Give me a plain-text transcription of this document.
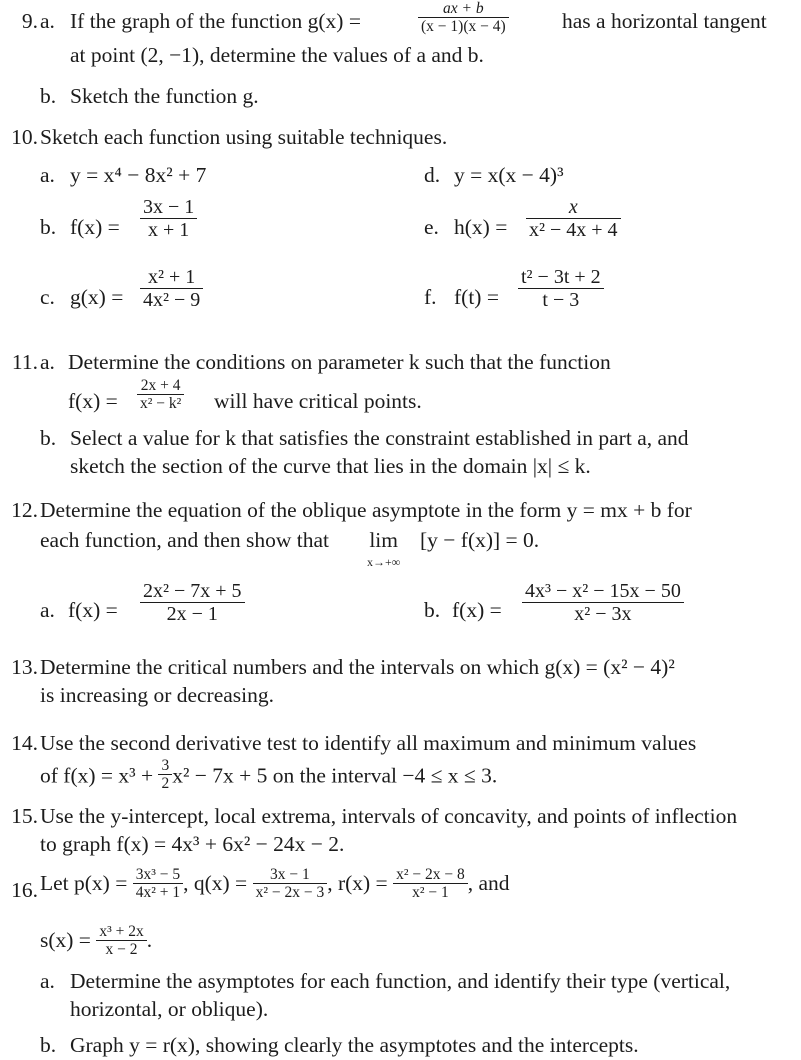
9. a. If the graph of the function g(x) =	$\frac{ax + b}{(x - 1)(x - 4)}$ has a horizontal tangent
at point (2, −1), determine the values of a and b.
b. Sketch the function g.
10. Sketch each function using suitable techniques.
a. y = x⁴ − 8x² + 7
b. $f(x) = \frac{3x - 1}{x + 1}$
c. $g(x) = \frac{\text{x² + 1}}{\text{4x² − 9}}$
d. y = x(x − 4)³
e. $h(x) = \frac{x}{\text{x² − 4x + 4}}$
f. $f(t) = \frac{\text{t² − 3t + 2}}{t - 3}$
11. a. Determine the conditions on parameter k such that the function
$f(x) = \frac{2x + 4}{\text{x² − k²}}$ will have critical points.
b. Select a value for k that satisfies the constraint established in part a, and
sketch the section of the curve that lies in the domain |x| ≤ k.
12. Determine the equation of the oblique asymptote in the form y = mx + b for
each function, and then show that lim
x→+∞
[y − f(x)] = 0.
a. $f(x) = \frac{\text{2x² − 7x + 5}}{2x - 1}$	b. $f(x) = \frac{\text{4x³ − x² − 15x − 50}}{\text{x² − 3x}}$
13. Determine the critical numbers and the intervals on which g(x) = (x² − 4)²
is increasing or decreasing.
14. Use the second derivative test to identify all maximum and minimum values
of $f(x) = x^3 + \frac{3}{2} x^2 - 7x + 5$ on the interval −4 ≤ x ≤ 3.
15. Use the y-intercept, local extrema, intervals of concavity, and points of inflection
to graph f(x) = 4x³ + 6x² − 24x − 2.
16. Let $p(x) = \frac{\text{3x³ − 5}}{\text{4x² + 1}}$ , $q(x) = \frac{3x - 1}{\text{x² − 2x − 3}}$ , $r(x) = \frac{\text{x² − 2x − 8}}{\text{x² − 1}}$ , and
$s(x) = \frac{\text{x³ + 2x}}{x - 2}$ .
a. Determine the asymptotes for each function, and identify their type (vertical,
horizontal, or oblique).
b. Graph y = r(x), showing clearly the asymptotes and the intercepts.
